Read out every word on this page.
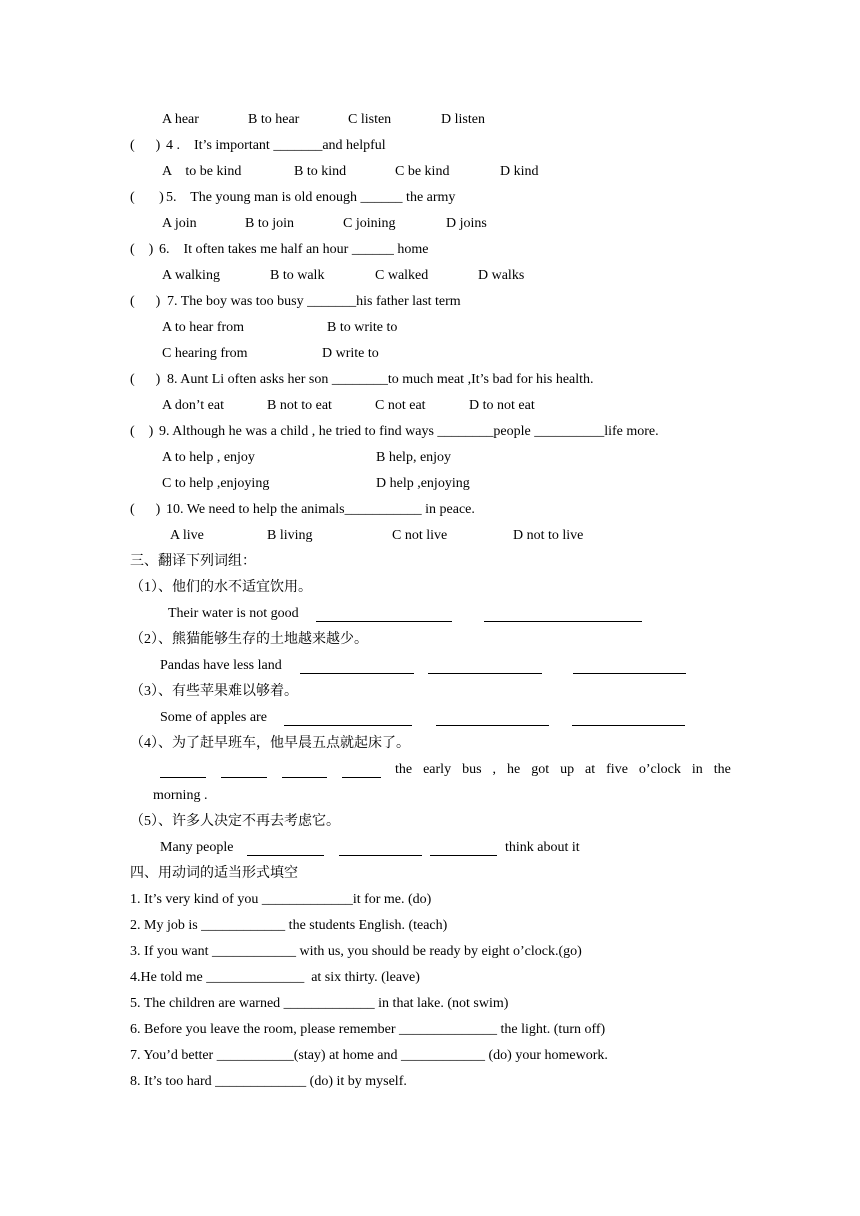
A hear	B to hear	C listen	D listen
(      ) 4 .    It’s important _______and helpful
A    to be kind	B to kind	C be kind	D kind
(       ) 5.    The young man is old enough ______ the army
A join	B to join	C joining	D joins
(    ) 6.    It often takes me half an hour ______ home
A walking	B to walk	C walked	D walks
(      ) 7. The boy was too busy _______his father last term
A to hear from	B to write to
C hearing from	D write to
(      ) 8. Aunt Li often asks her son ________to much meat ,It’s bad for his health.
A don’t eat	B not to eat	C not eat	D to not eat
(    ) 9. Although he was a child , he tried to find ways ________people __________life more.
A to help , enjoy	B help, enjoy
C to help ,enjoying	D help ,enjoying
(      ) 10. We need to help the animals___________ in peace.
A live	B living	C not live	D not to live
三、翻译下列词组：
（1）、他们的水不适宜饮用。
Their water is not good
（2）、熊猫能够生存的土地越来越少。
Pandas have less land
（3）、有些苹果难以够着。
Some of apples are
（4）、为了赶早班车，他早晨五点就起床了。
the early bus , he got up at five o’clock in the
morning .
（5）、许多人决定不再去考虑它。
Many people	think about it
四、用动词的适当形式填空
1. It’s very kind of you _____________it for me. (do)
2. My job is ____________ the students English. (teach)
3. If you want ____________ with us, you should be ready by eight o’clock.(go)
4.He told me ______________  at six thirty. (leave)
5. The children are warned _____________ in that lake. (not swim)
6. Before you leave the room, please remember ______________ the light. (turn off)
7. You’d better ___________(stay) at home and ____________ (do) your homework.
8. It’s too hard _____________ (do) it by myself.
